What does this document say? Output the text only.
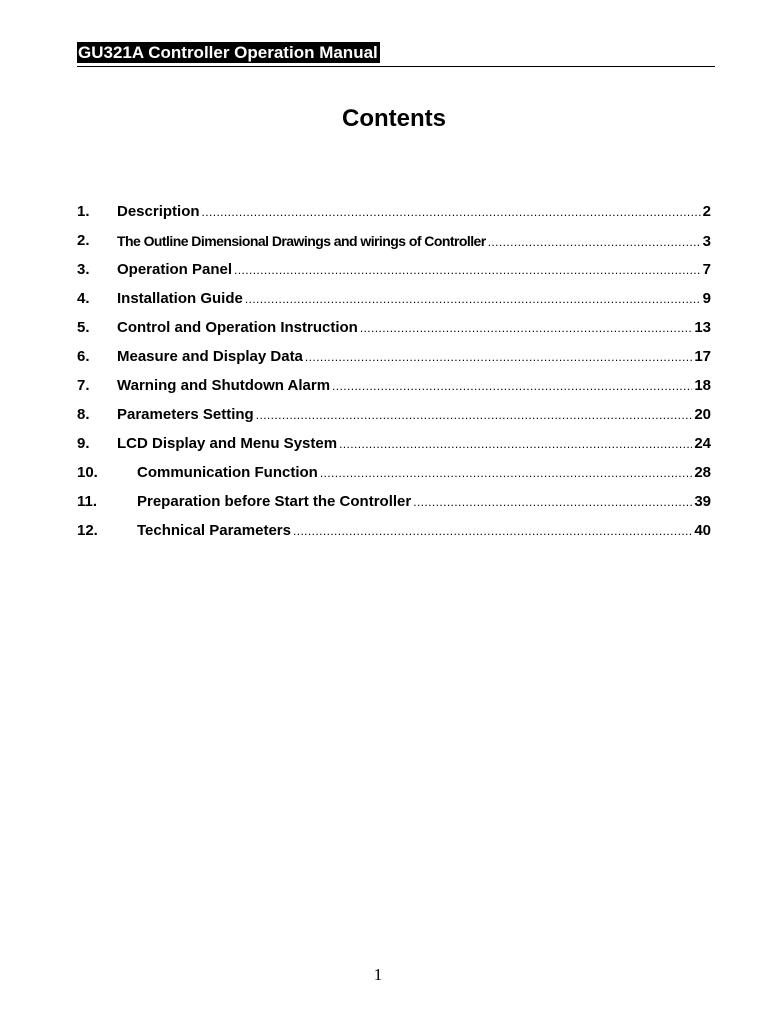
GU321A Controller Operation Manual
Contents
1. Description .....	2
2. The Outline Dimensional Drawings and wirings of Controller .....	3
3. Operation Panel .....	7
4. Installation Guide .....	9
5. Control and Operation Instruction .....	13
6. Measure and Display Data .....	17
7. Warning and Shutdown Alarm .....	18
8. Parameters Setting .....	20
9. LCD Display and Menu System .....	24
10.	Communication Function .....	28
11.	Preparation before Start the Controller .....	39
12.	Technical Parameters .....	40
1
